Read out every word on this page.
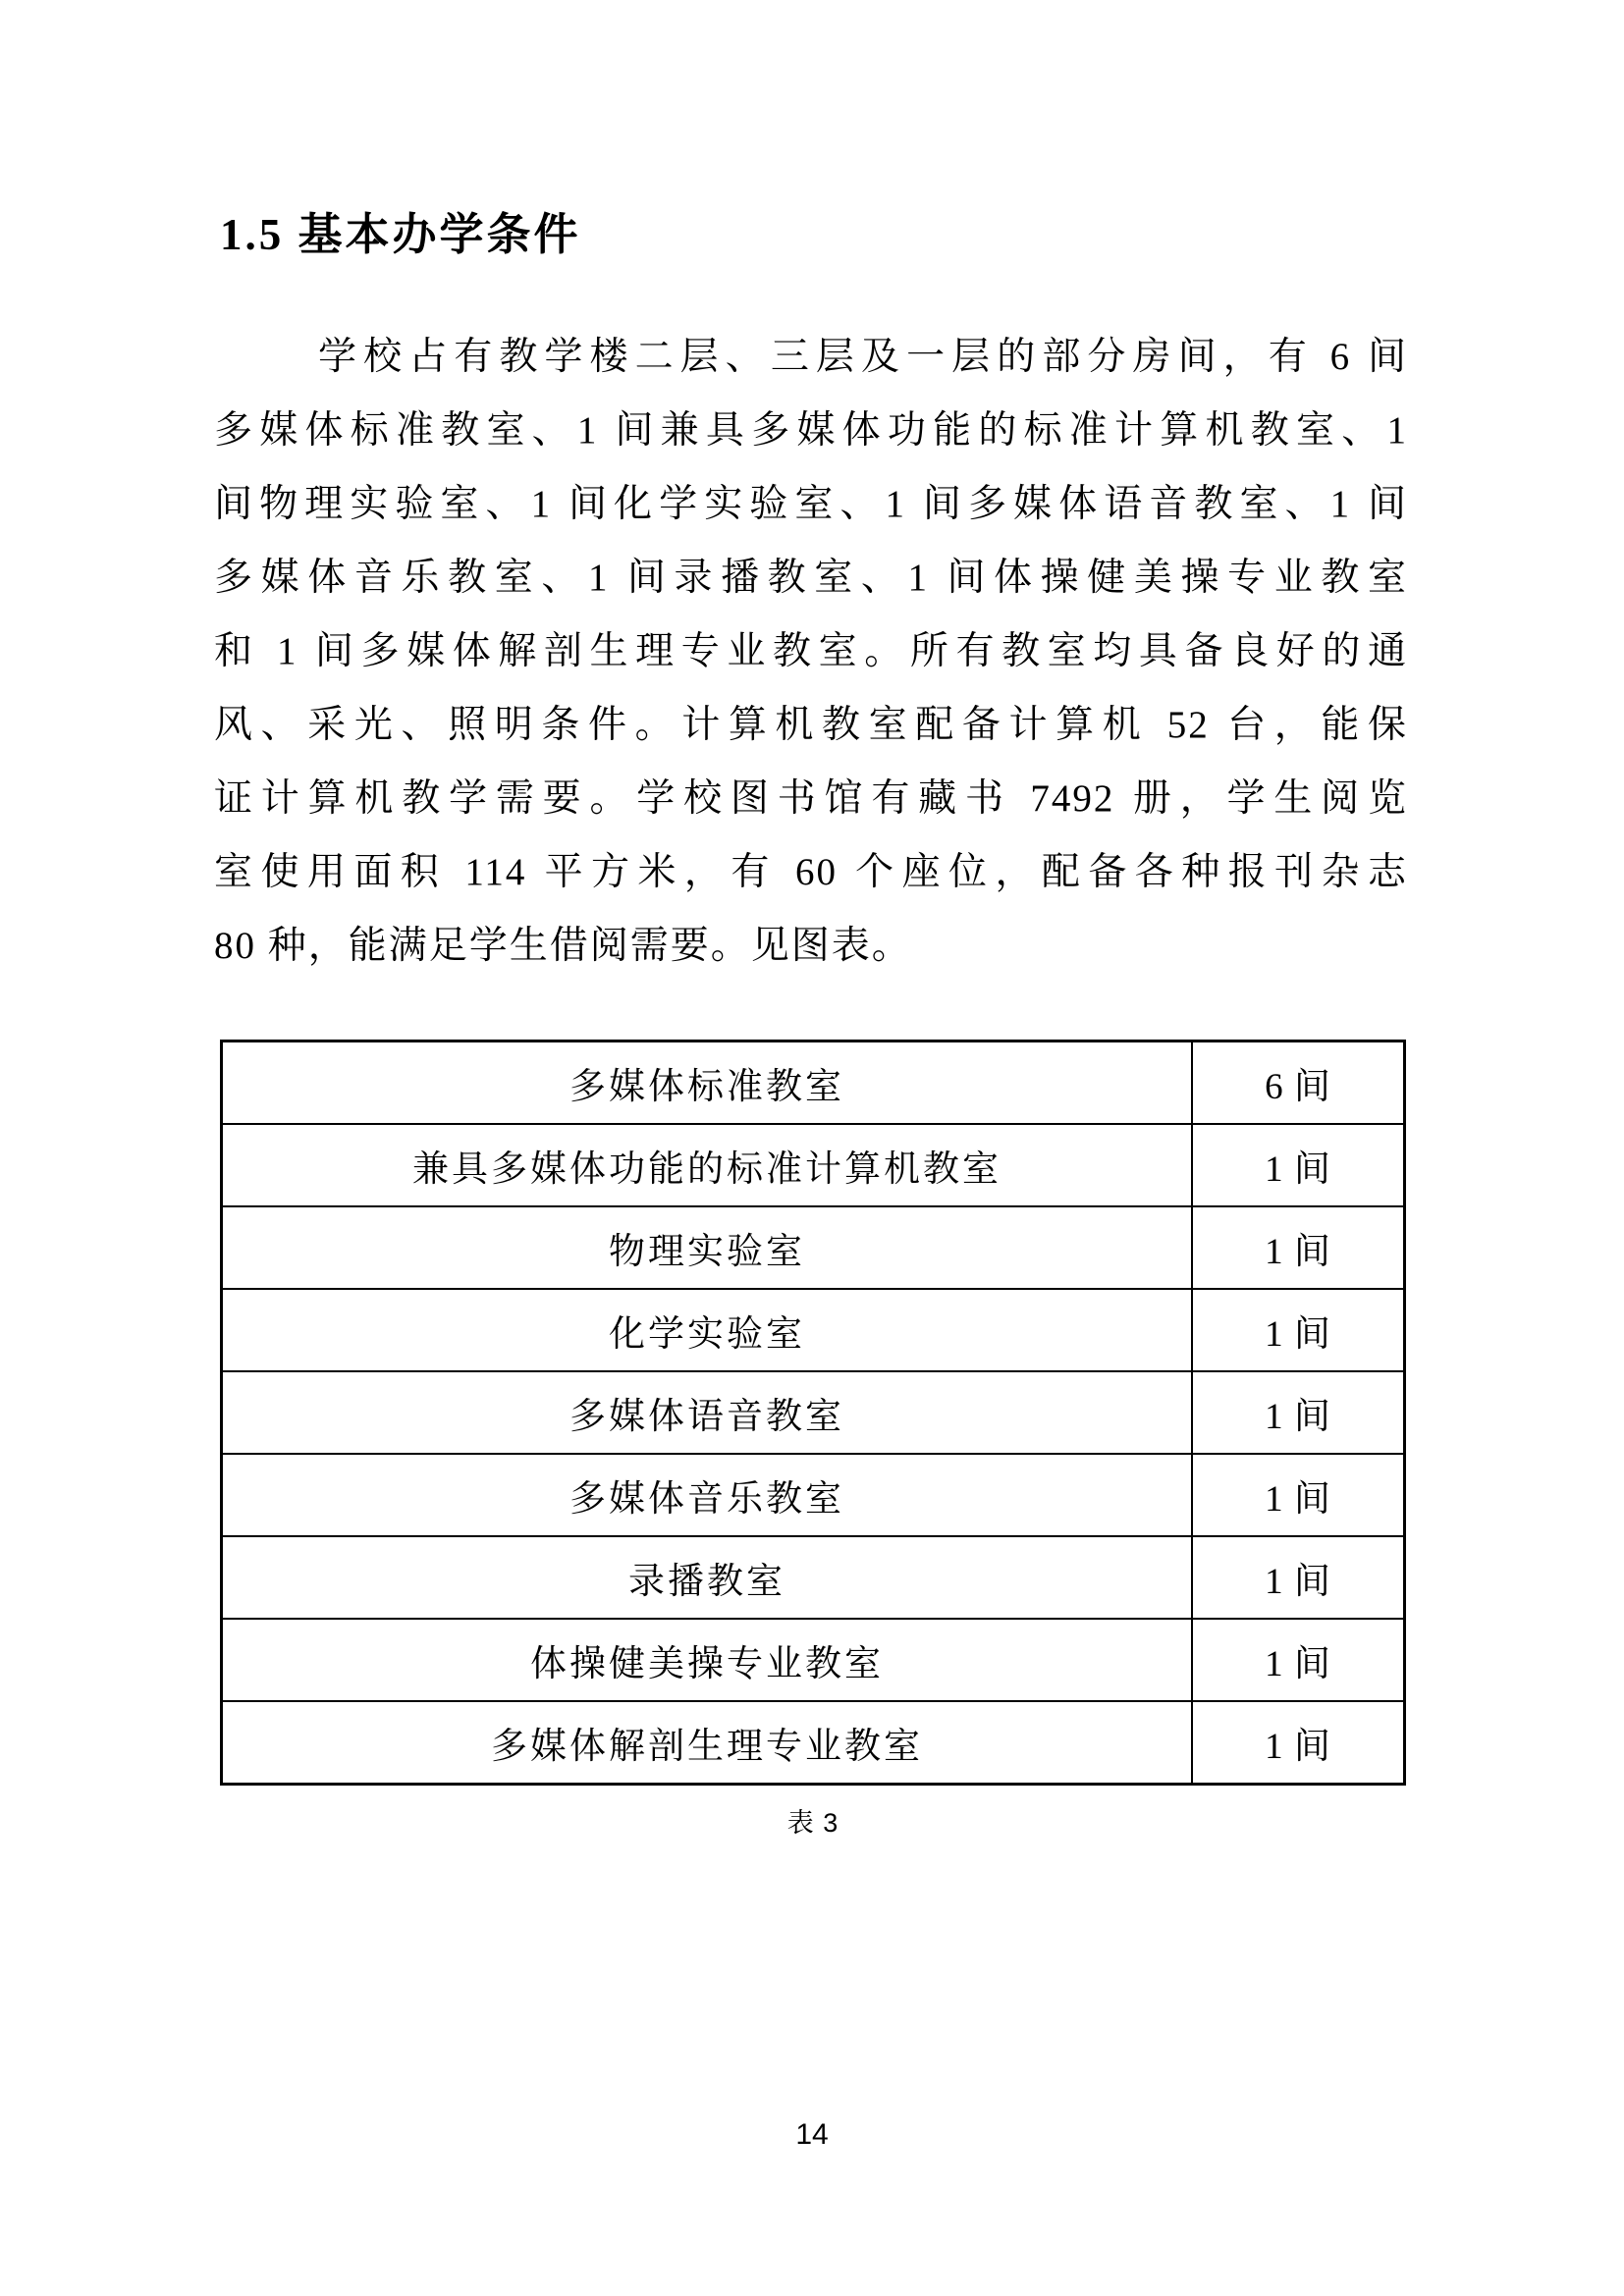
1.5 基本办学条件
学校占有教学楼二层、三层及一层的部分房间，有 6 间
多媒体标准教室、1 间兼具多媒体功能的标准计算机教室、1
间物理实验室、1 间化学实验室、1 间多媒体语音教室、1 间
多媒体音乐教室、1 间录播教室、1 间体操健美操专业教室
和 1 间多媒体解剖生理专业教室。所有教室均具备良好的通
风、采光、照明条件。计算机教室配备计算机 52 台，能保
证计算机教学需要。学校图书馆有藏书 7492 册，学生阅览
室使用面积 114 平方米，有 60 个座位，配备各种报刊杂志
80 种，能满足学生借阅需要。见图表。
多媒体标准教室	6 间
兼具多媒体功能的标准计算机教室	1 间
物理实验室	1 间
化学实验室	1 间
多媒体语音教室	1 间
多媒体音乐教室	1 间
录播教室	1 间
体操健美操专业教室	1 间
多媒体解剖生理专业教室	1 间
表 3
14
